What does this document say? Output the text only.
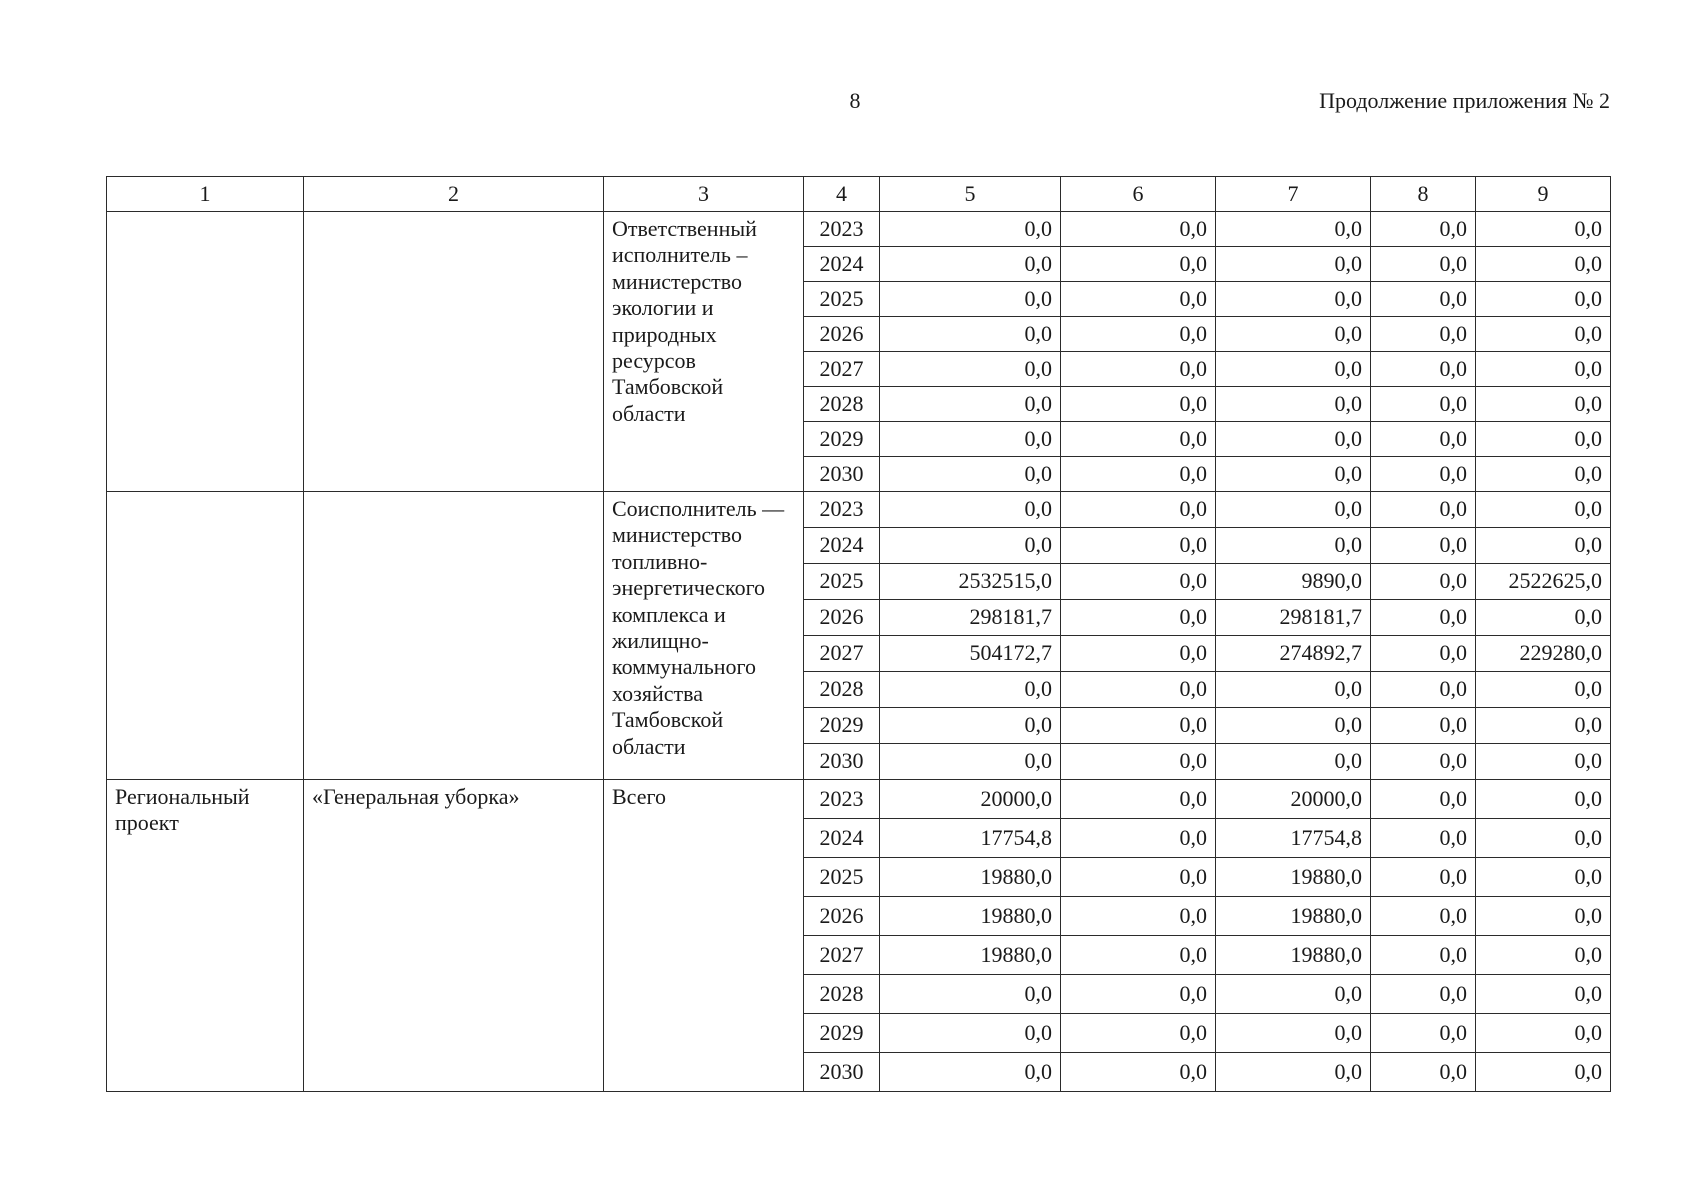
8	Продолжение приложения № 2
1	2	3	4	5	6	7	8	9
		Ответственный исполнитель – министерство экологии и природных ресурсов Тамбовской области	2023	0,0	0,0	0,0	0,0	0,0
			2024	0,0	0,0	0,0	0,0	0,0
			2025	0,0	0,0	0,0	0,0	0,0
			2026	0,0	0,0	0,0	0,0	0,0
			2027	0,0	0,0	0,0	0,0	0,0
			2028	0,0	0,0	0,0	0,0	0,0
			2029	0,0	0,0	0,0	0,0	0,0
			2030	0,0	0,0	0,0	0,0	0,0
		Соисполнитель — министерство топливно-энергетического комплекса и жилищно-коммунального хозяйства Тамбовской области	2023	0,0	0,0	0,0	0,0	0,0
			2024	0,0	0,0	0,0	0,0	0,0
			2025	2532515,0	0,0	9890,0	0,0	2522625,0
			2026	298181,7	0,0	298181,7	0,0	0,0
			2027	504172,7	0,0	274892,7	0,0	229280,0
			2028	0,0	0,0	0,0	0,0	0,0
			2029	0,0	0,0	0,0	0,0	0,0
			2030	0,0	0,0	0,0	0,0	0,0
Региональный проект	«Генеральная уборка»	Всего	2023	20000,0	0,0	20000,0	0,0	0,0
			2024	17754,8	0,0	17754,8	0,0	0,0
			2025	19880,0	0,0	19880,0	0,0	0,0
			2026	19880,0	0,0	19880,0	0,0	0,0
			2027	19880,0	0,0	19880,0	0,0	0,0
			2028	0,0	0,0	0,0	0,0	0,0
			2029	0,0	0,0	0,0	0,0	0,0
			2030	0,0	0,0	0,0	0,0	0,0
